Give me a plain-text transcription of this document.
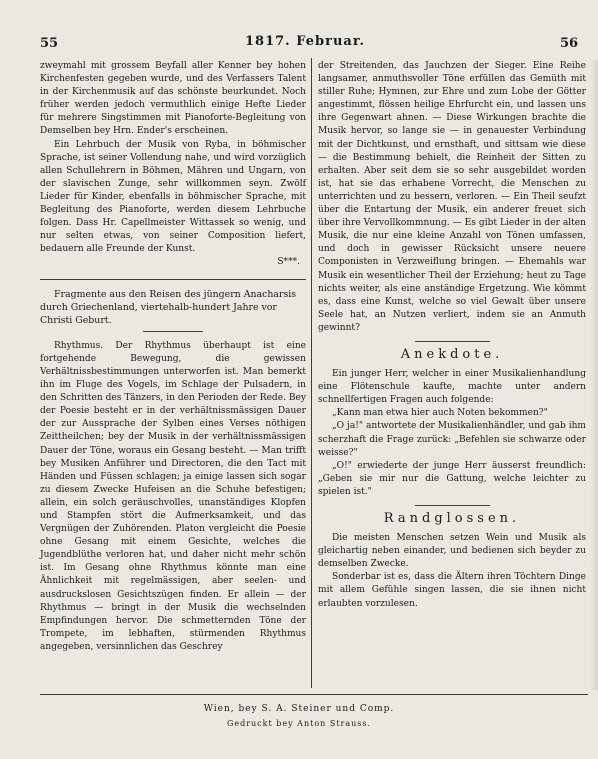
55	1817. Februar.	56

zweymahl mit grossem Beyfall aller Kenner bey hohen Kirchenfesten gegeben wurde, und des Verfassers Talent in der Kirchenmusik auf das schönste beurkundet. Noch früher werden jedoch vermuthlich einige Hefte Lieder für mehrere Singstimmen mit Pianoforte-Begleitung von Demselben bey Hrn. Ender's erscheinen.

Ein Lehrbuch der Musik von Ryba, in böhmischer Sprache, ist seiner Vollendung nahe, und wird vorzüglich allen Schullehrern in Böhmen, Mähren und Ungarn, von der slavischen Zunge, sehr willkommen seyn. Zwölf Lieder für Kinder, ebenfalls in böhmischer Sprache, mit Begleitung des Pianoforte, werden diesem Lehrbuche folgen. Dass Hr. Capellmeister Wittassek so wenig, und nur selten etwas, von seiner Composition liefert, bedauern alle Freunde der Kunst.

S***.

Fragmente aus den Reisen des jüngern Anacharsis durch Griechenland, viertehalb-hundert Jahre vor Christi Geburt.

Rhythmus. Der Rhythmus überhaupt ist eine fortgehende Bewegung, die gewissen Verhältnissbestimmungen unterworfen ist. Man bemerkt ihn im Fluge des Vogels, im Schlage der Pulsadern, in den Schritten des Tänzers, in den Perioden der Rede. Bey der Poesie besteht er in der verhältnissmässigen Dauer der zur Aussprache der Sylben eines Verses nöthigen Zeittheilchen; bey der Musik in der verhältnissmässigen Dauer der Töne, woraus ein Gesang besteht. — Man trifft bey Musiken Anführer und Directoren, die den Tact mit Händen und Füssen schlagen; ja einige lassen sich sogar zu diesem Zwecke Hufeisen an die Schuhe befestigen; allein, ein solch geräuschvolles, unanständiges Klopfen und Stampfen stört die Aufmerksamkeit, und das Vergnügen der Zuhörenden. Platon vergleicht die Poesie ohne Gesang mit einem Gesichte, welches die Jugendblüthe verloren hat, und daher nicht mehr schön ist. Im Gesang ohne Rhythmus könnte man eine Ähnlichkeit mit regelmässigen, aber seelen- und ausdruckslosen Gesichtszügen finden. Er allein — der Rhythmus — bringt in der Musik die wechselnden Empfindungen hervor. Die schmetternden Töne der Trompete, im lebhaften, stürmenden Rhythmus angegeben, versinnlichen das Geschrey

der Streitenden, das Jauchzen der Sieger. Eine Reihe langsamer, anmuthsvoller Töne erfüllen das Gemüth mit stiller Ruhe; Hymnen, zur Ehre und zum Lobe der Götter angestimmt, flössen heilige Ehrfurcht ein, und lassen uns ihre Gegenwart ahnen. — Diese Wirkungen brachte die Musik hervor, so lange sie — in genauester Verbindung mit der Dichtkunst, und ernsthaft, und sittsam wie diese — die Bestimmung behielt, die Reinheit der Sitten zu erhalten. Aber seit dem sie so sehr ausgebildet worden ist, hat sie das erhabene Vorrecht, die Menschen zu unterrichten und zu bessern, verloren. — Ein Theil seufzt über die Entartung der Musik, ein anderer freuet sich über ihre Vervollkommnung. — Es gibt Lieder in der alten Musik, die nur eine kleine Anzahl von Tönen umfassen, und doch in gewisser Rücksicht unsere neuere Componisten in Verzweiflung bringen. — Ehemahls war Musik ein wesentlicher Theil der Erziehung; heut zu Tage nichts weiter, als eine anständige Ergetzung. Wie kömmt es, dass eine Kunst, welche so viel Gewalt über unsere Seele hat, an Nutzen verliert, indem sie an Anmuth gewinnt?

Anekdote.

Ein junger Herr, welcher in einer Musikalienhandlung eine Flötenschule kaufte, machte unter andern schnellfertigen Fragen auch folgende:

„Kann man etwa hier auch Noten bekommen?"

„O ja!" antwortete der Musikalienhändler, und gab ihm scherzhaft die Frage zurück: „Befehlen sie schwarze oder weisse?"

„O!" erwiederte der junge Herr äusserst freundlich: „Geben sie mir nur die Gattung, welche leichter zu spielen ist."

Randglossen.

Die meisten Menschen setzen Wein und Musik als gleichartig neben einander, und bedienen sich beyder zu demselben Zwecke.

Sonderbar ist es, dass die Ältern ihren Töchtern Dinge mit allem Gefühle singen lassen, die sie ihnen nicht erlaubten vorzulesen.

Wien, bey S. A. Steiner und Comp.
Gedruckt bey Anton Strauss.
